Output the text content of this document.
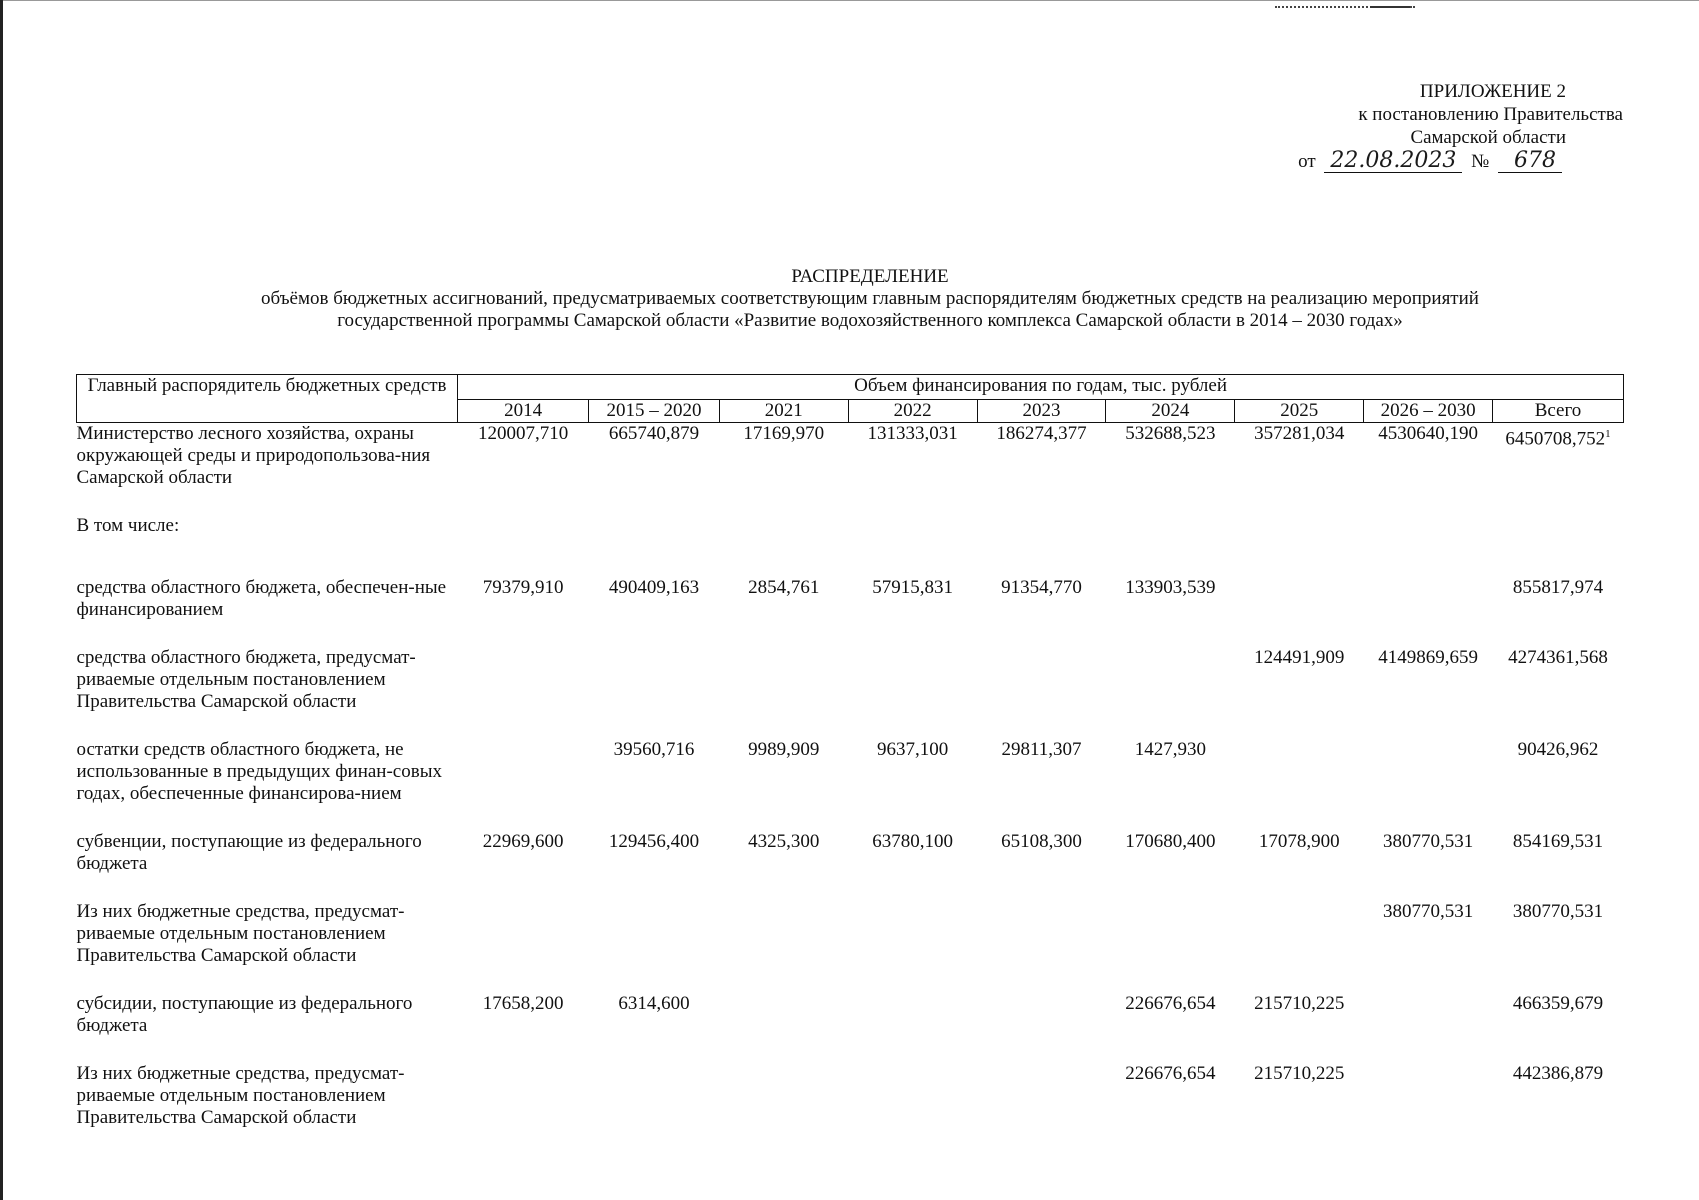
ПРИЛОЖЕНИЕ 2
к постановлению Правительства
Самарской области
от 22.08.2023 № 678
РАСПРЕДЕЛЕНИЕ
объёмов бюджетных ассигнований, предусматриваемых соответствующим главным распорядителям бюджетных средств на реализацию мероприятий
государственной программы Самарской области «Развитие водохозяйственного комплекса Самарской области в 2014 – 2030 годах»
Главный распорядитель бюджетных средств	Объем финансирования по годам, тыс. рублей								
	2014	2015 – 2020	2021	2022	2023	2024	2025	2026 – 2030	Всего
Министерство лесного хозяйства, охраны окружающей среды и природопользова-ния Самарской области	120007,710	665740,879	17169,970	131333,031	186274,377	532688,523	357281,034	4530640,190	6450708,752$^1$
В том числе:									

средства областного бюджета, обеспечен-ные финансированием	79379,910	490409,163	2854,761	57915,831	91354,770	133903,539			855817,974

средства областного бюджета, предусмат-риваемые отдельным постановлением Правительства Самарской области							124491,909	4149869,659	4274361,568

остатки средств областного бюджета, не использованные в предыдущих финан-совых годах, обеспеченные финансирова-нием		39560,716	9989,909	9637,100	29811,307	1427,930			90426,962

субвенции, поступающие из федерального бюджета	22969,600	129456,400	4325,300	63780,100	65108,300	170680,400	17078,900	380770,531	854169,531

Из них бюджетные средства, предусмат-риваемые отдельным постановлением Правительства Самарской области								380770,531	380770,531

субсидии, поступающие из федерального бюджета	17658,200	6314,600				226676,654	215710,225		466359,679

Из них бюджетные средства, предусмат-риваемые отдельным постановлением Правительства Самарской области						226676,654	215710,225		442386,879
